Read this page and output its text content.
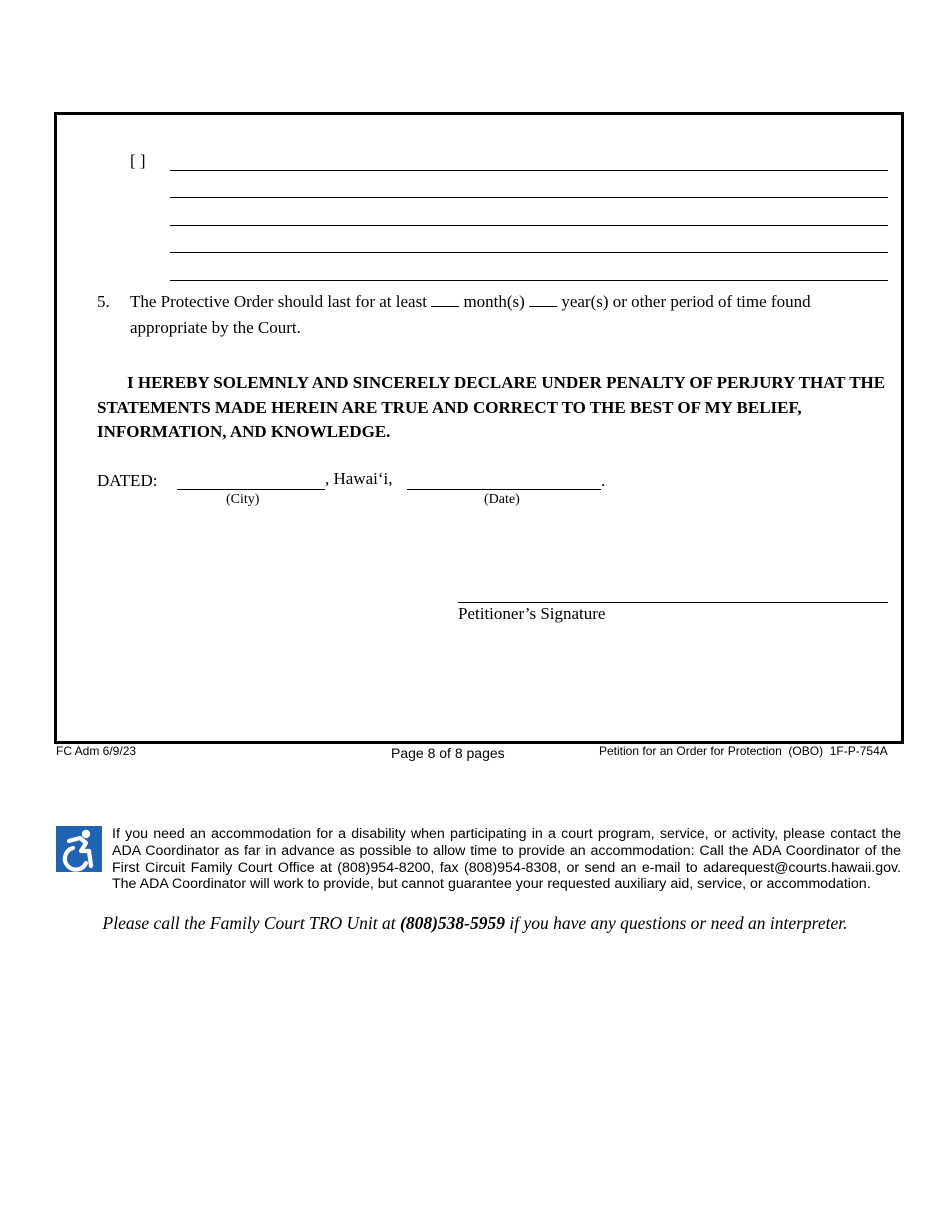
[ ]
5. The Protective Order should last for at least month(s) year(s) or other period of time found
appropriate by the Court.
I HEREBY SOLEMNLY AND SINCERELY DECLARE UNDER PENALTY OF PERJURY THAT THE STATEMENTS MADE HEREIN ARE TRUE AND CORRECT TO THE BEST OF MY BELIEF, INFORMATION, AND KNOWLEDGE.
DATED:	, Hawai‘i,	.
(City)	(Date)
Petitioner’s Signature
FC Adm 6/9/23	Page 8 of 8 pages	Petition for an Order for Protection  (OBO)  1F-P-754A
If you need an accommodation for a disability when participating in a court program, service, or activity, please contact the ADA Coordinator as far in advance as possible to allow time to provide an accommodation: Call the ADA Coordinator of the First Circuit Family Court Office at (808)954-8200, fax (808)954-8308, or send an e-mail to adarequest@courts.hawaii.gov. The ADA Coordinator will work to provide, but cannot guarantee your requested auxiliary aid, service, or accommodation.
Please call the Family Court TRO Unit at (808)538-5959 if you have any questions or need an interpreter.
